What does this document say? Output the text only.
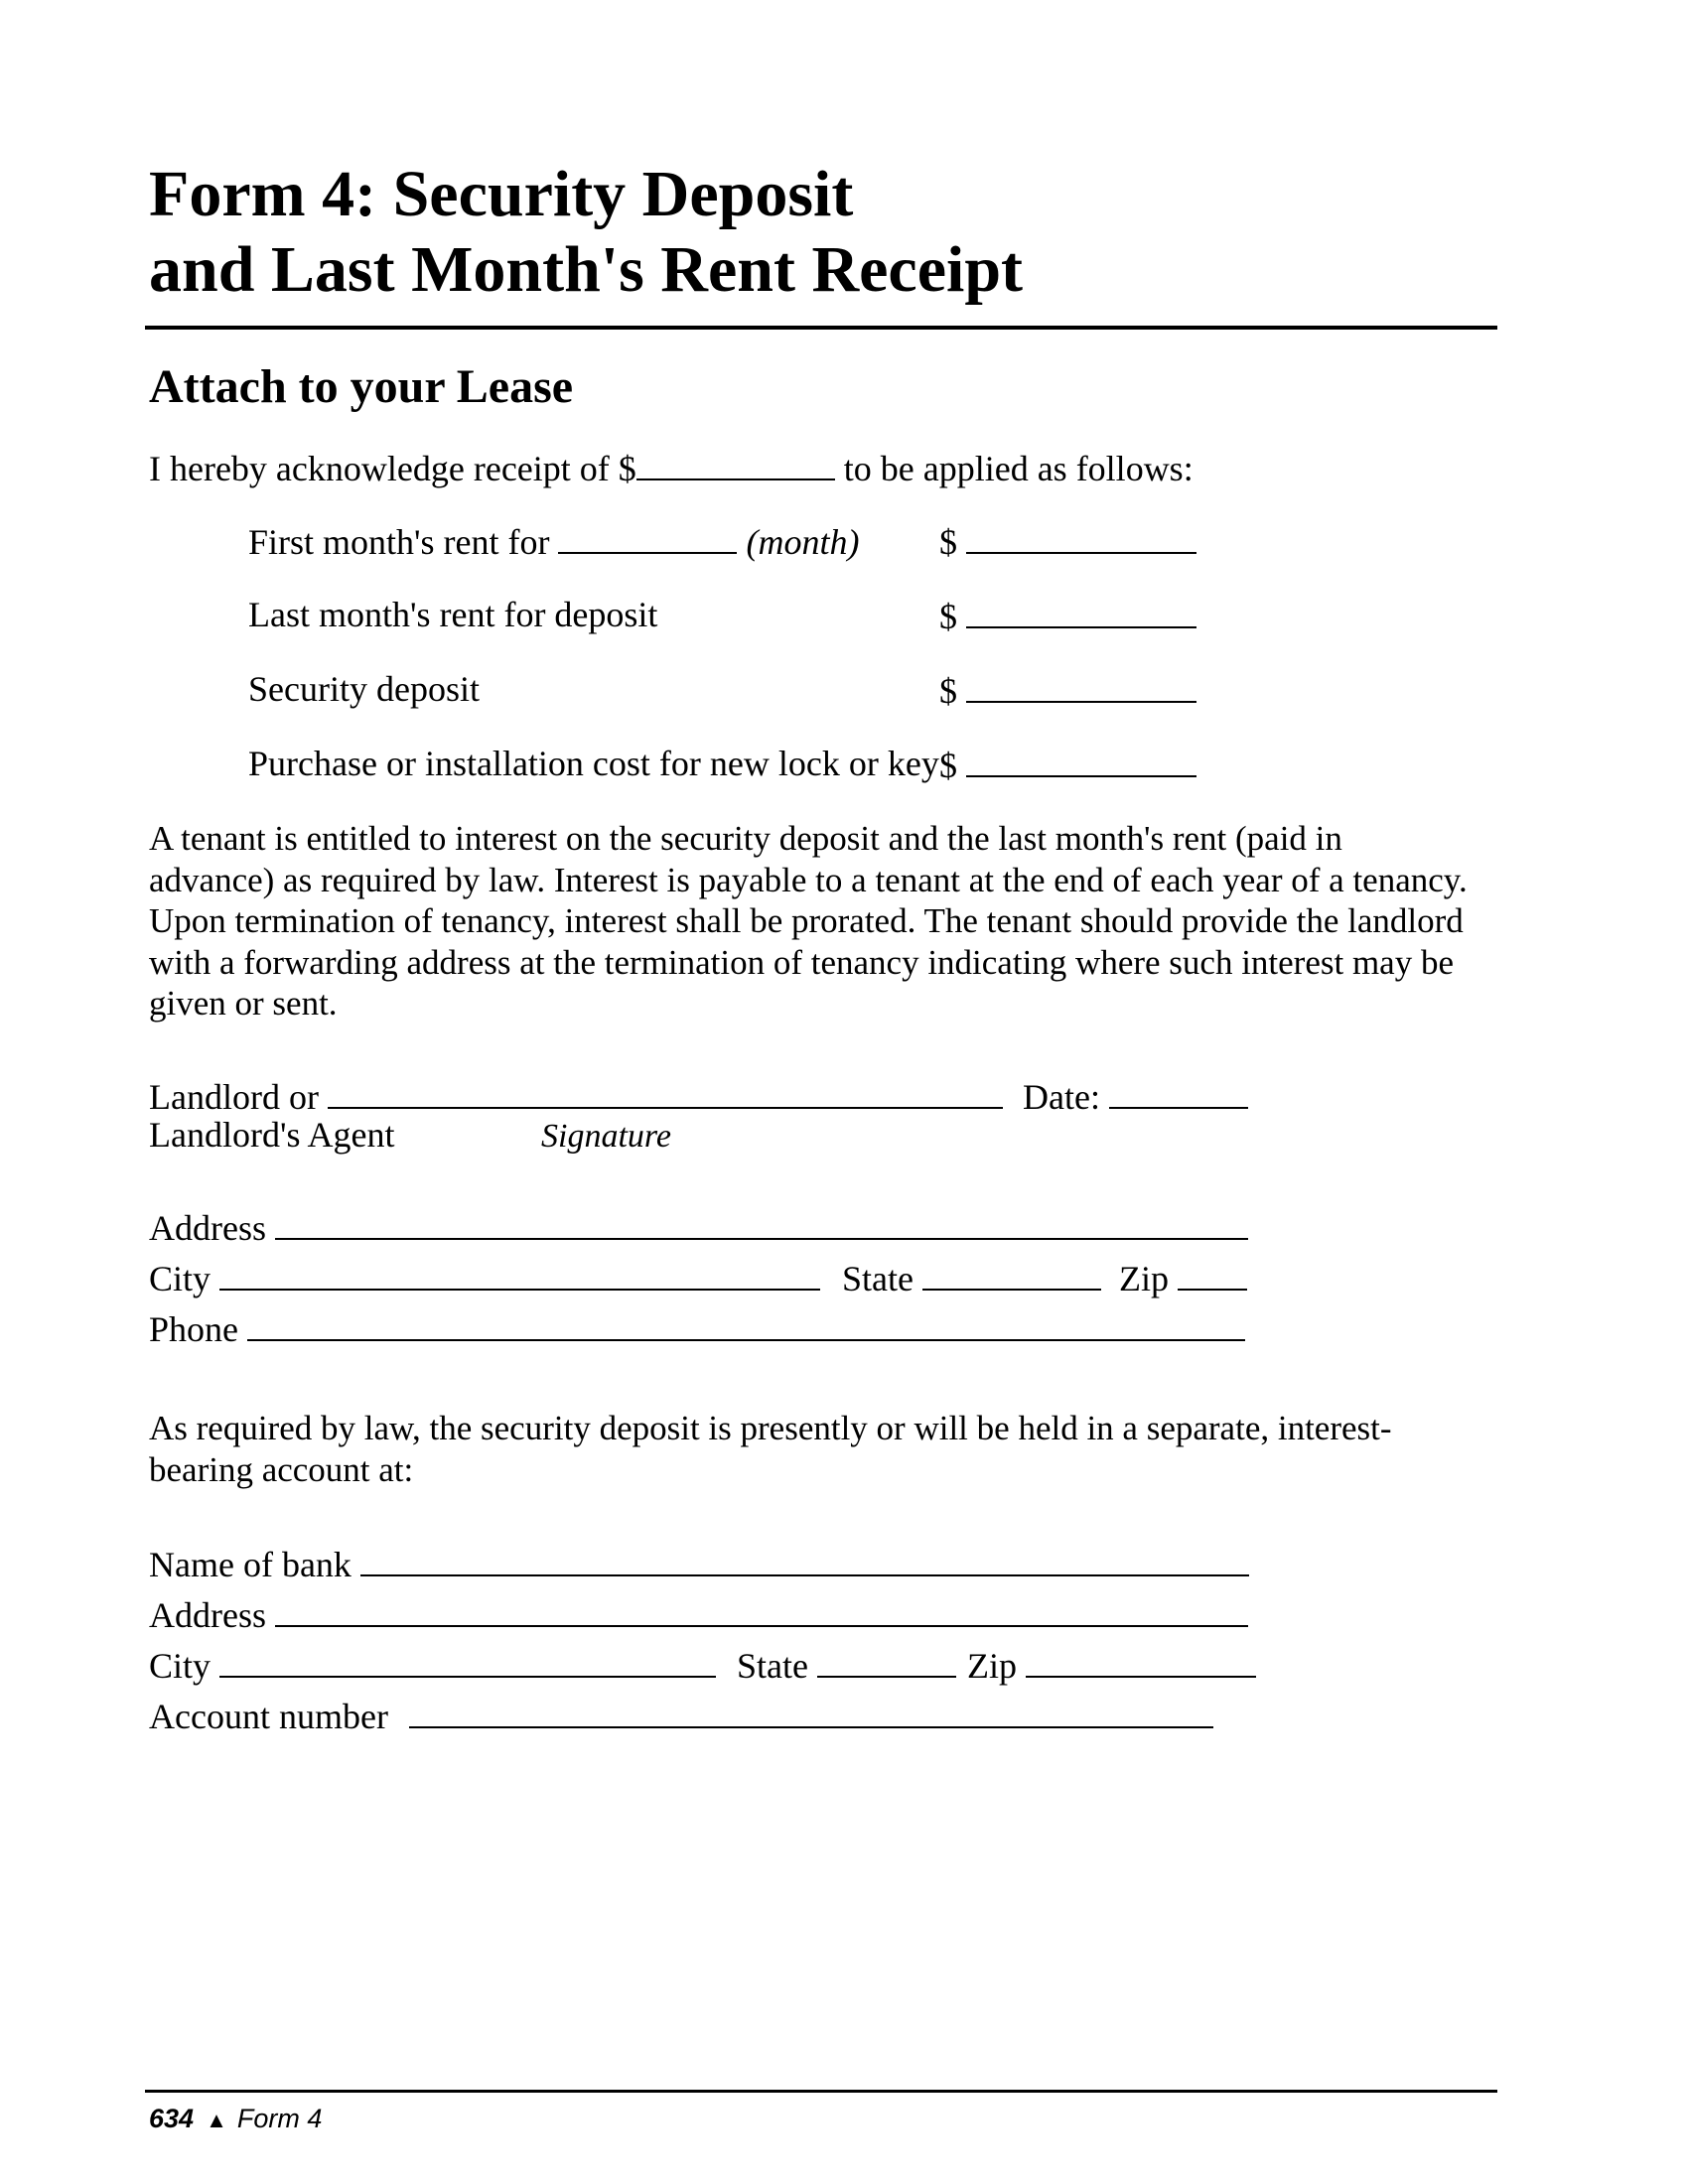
Form 4: Security Deposit
and Last Month's Rent Receipt
Attach to your Lease
I hereby acknowledge receipt of $	to be applied as follows:
First month's rent for	(month) $
Last month's rent for deposit	$
Security deposit	$
Purchase or installation cost for new lock or key $

A tenant is entitled to interest on the security deposit and the last month's rent (paid in advance) as required by law. Interest is payable to a tenant at the end of each year of a tenancy. Upon termination of tenancy, interest shall be prorated. The tenant should provide the landlord with a forwarding address at the termination of tenancy indicating where such interest may be given or sent.

Landlord or	Date:
Landlord's Agent	Signature
Address
City	State	Zip
Phone

As required by law, the security deposit is presently or will be held in a separate, interest-bearing account at:

Name of bank
Address
City	State	Zip
Account number
634 ▲ Form 4
